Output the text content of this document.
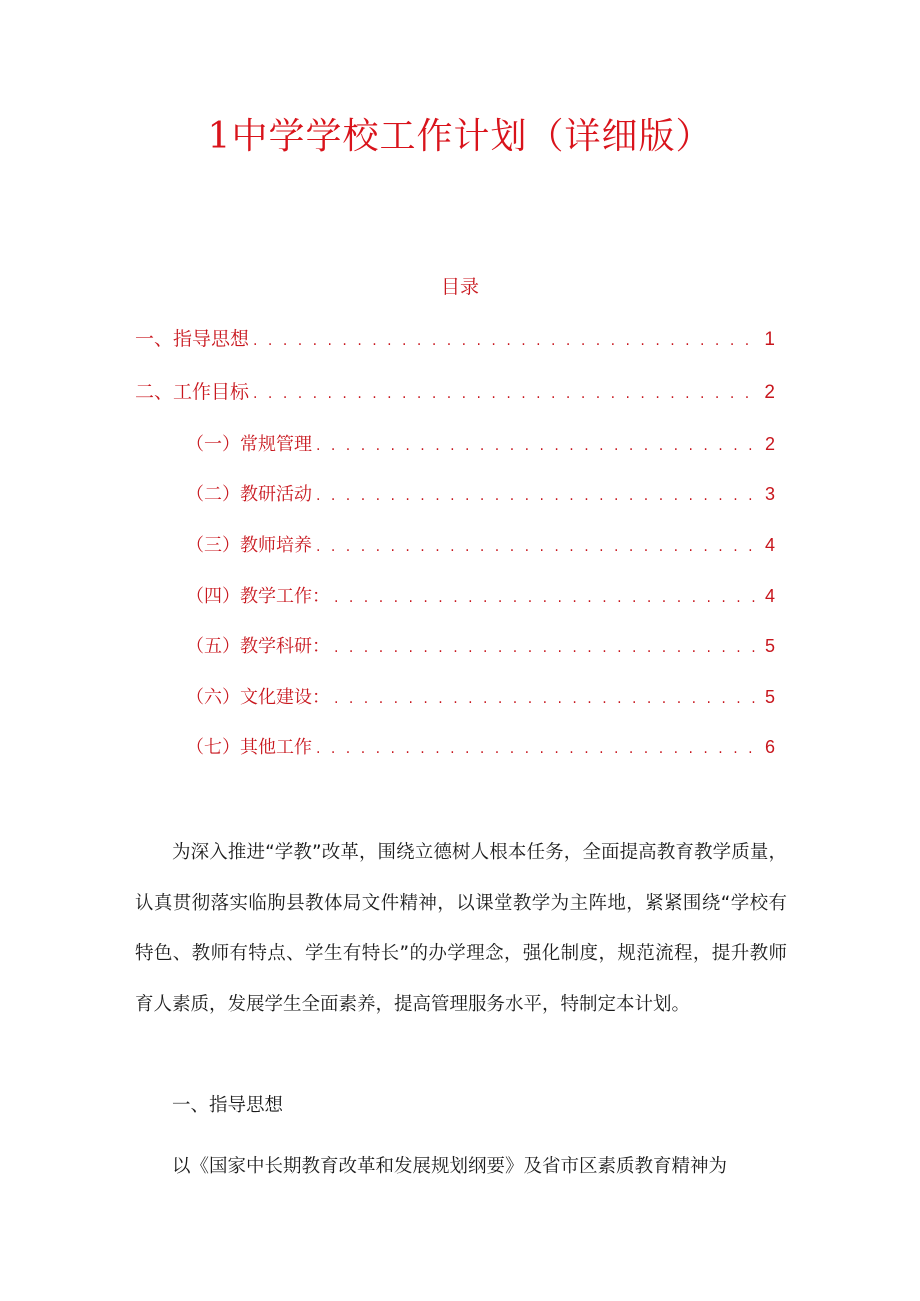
1中学学校工作计划（详细版）
目录
一、指导思想 . . .	1
二、工作目标 . . .	2
（一）常规管理 . . .	2
（二）教研活动 . . .	3
（三）教师培养 . . .	4
（四）教学工作： . . .	4
（五）教学科研： . . .	5
（六）文化建设： . . .	5
（七）其他工作 . . .	6

为深入推进“学教”改革，围绕立德树人根本任务，全面提高教育教学质量，认真贯彻落实临朐县教体局文件精神，以课堂教学为主阵地，紧紧围绕“学校有特色、教师有特点、学生有特长”的办学理念，强化制度，规范流程，提升教师育人素质，发展学生全面素养，提高管理服务水平，特制定本计划。

一、指导思想

以《国家中长期教育改革和发展规划纲要》及省市区素质教育精神为
